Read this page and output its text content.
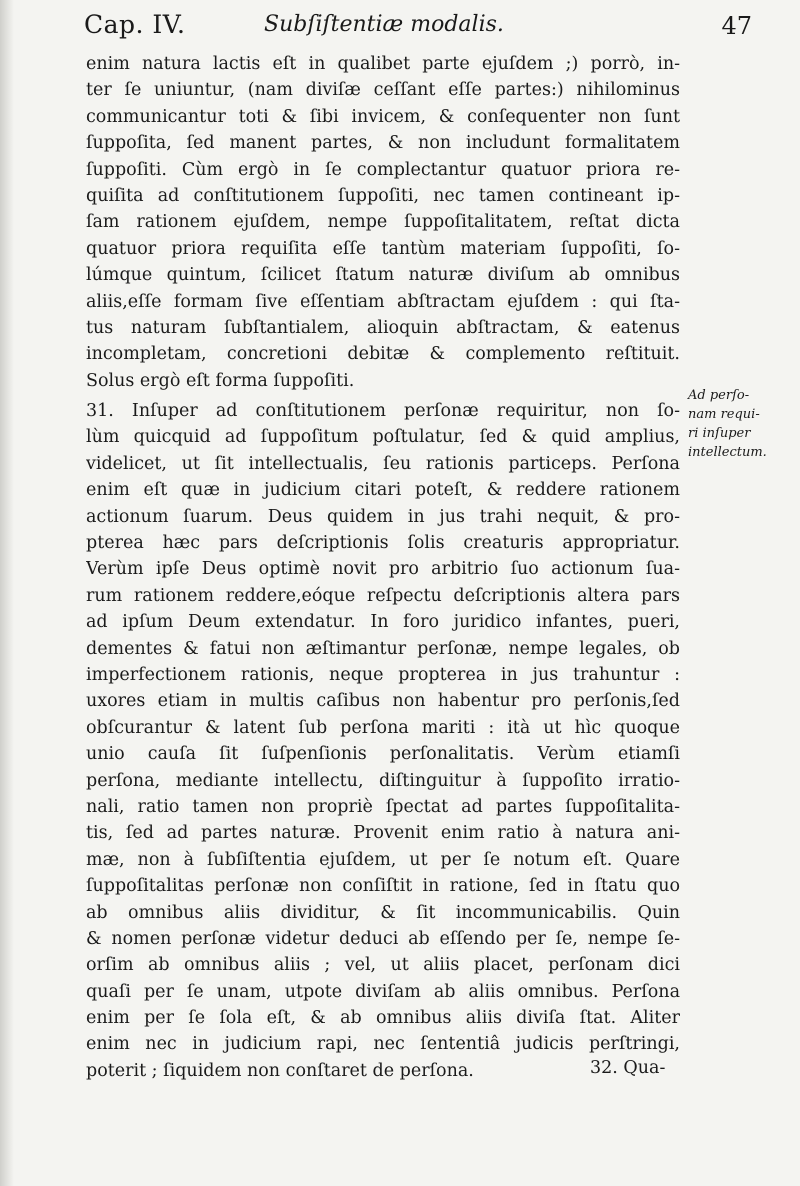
Cap. IV.	Subſiſtentiæ modalis.	47
enim natura lactis eſt in qualibet parte ejuſdem ;) porrò, in-
ter ſe uniuntur, (nam diviſæ ceſſant eſſe partes:) nihilominus
communicantur toti & ſibi invicem, & conſequenter non ſunt
ſuppoſita, ſed manent partes, & non includunt formalitatem
ſuppoſiti. Cùm ergò in ſe complectantur quatuor priora re-
quiſita ad conſtitutionem ſuppoſiti, nec tamen contineant ip-
ſam rationem ejuſdem, nempe ſuppoſitalitatem, reſtat dicta
quatuor priora requiſita eſſe tantùm materiam ſuppoſiti, ſo-
lúmque quintum, ſcilicet ſtatum naturæ diviſum ab omnibus
aliis,eſſe formam ſive eſſentiam abſtractam ejuſdem : qui ſta-
tus naturam ſubſtantialem, alioquin abſtractam, & eatenus
incompletam, concretioni debitæ & complemento reſtituit.
Solus ergò eſt forma ſuppoſiti.
31. Inſuper ad conſtitutionem perſonæ requiritur, non ſo-
lùm quicquid ad ſuppoſitum poſtulatur, ſed & quid amplius,
videlicet, ut ſit intellectualis, ſeu rationis particeps. Perſona
enim eſt quæ in judicium citari poteſt, & reddere rationem
actionum ſuarum. Deus quidem in jus trahi nequit, & pro-
pterea hæc pars deſcriptionis ſolis creaturis appropriatur.
Verùm ipſe Deus optimè novit pro arbitrio ſuo actionum ſua-
rum rationem reddere,eóque reſpectu deſcriptionis altera pars
ad ipſum Deum extendatur. In foro juridico infantes, pueri,
dementes & fatui non æſtimantur perſonæ, nempe legales, ob
imperfectionem rationis, neque propterea in jus trahuntur :
uxores etiam in multis caſibus non habentur pro perſonis,ſed
obſcurantur & latent ſub perſona mariti : ità ut hìc quoque
unio cauſa ſit ſuſpenſionis perſonalitatis. Verùm etiamſi
perſona, mediante intellectu, diſtinguitur à ſuppoſito irratio-
nali, ratio tamen non propriè ſpectat ad partes ſuppoſitalita-
tis, ſed ad partes naturæ. Provenit enim ratio à natura ani-
mæ, non à ſubſiſtentia ejuſdem, ut per ſe notum eſt. Quare
ſuppoſitalitas perſonæ non conſiſtit in ratione, ſed in ſtatu quo
ab omnibus aliis dividitur, & ſit incommunicabilis. Quin
& nomen perſonæ videtur deduci ab eſſendo per ſe, nempe ſe-
orſim ab omnibus aliis ; vel, ut aliis placet, perſonam dici
quaſi per ſe unam, utpote diviſam ab aliis omnibus. Perſona
enim per ſe ſola eſt, & ab omnibus aliis diviſa ſtat. Aliter
enim nec in judicium rapi, nec ſententiâ judicis perſtringi,
poterit ; ſiquidem non conſtaret de perſona.
Ad perſo-
nam requi-
ri inſuper
intellectum.
32. Qua-
